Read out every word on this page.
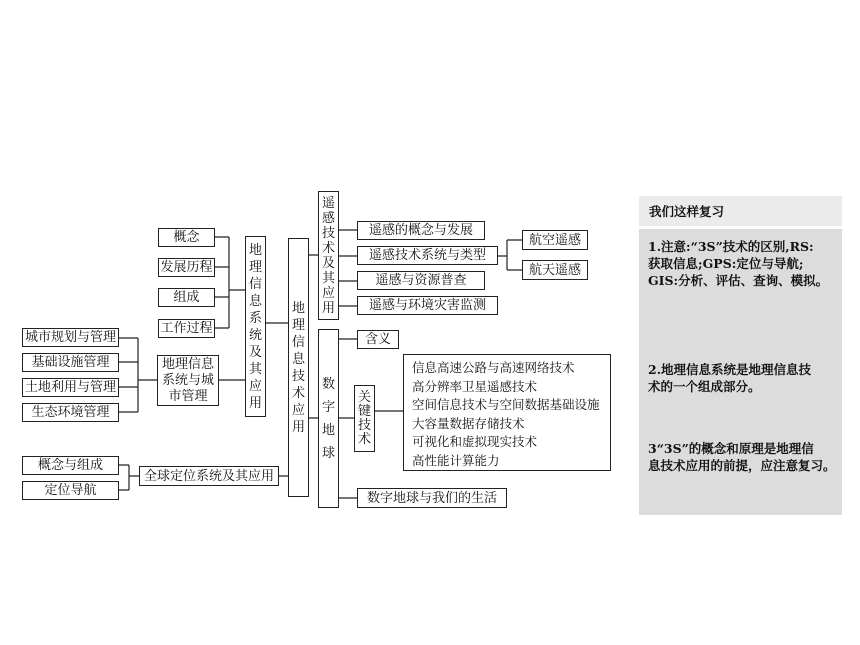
地
理
信
息
技
术
应
用
地
理
信
息
系
统
及
其
应
用
概念
发展历程
组成
工作过程
地理信息
系统与城
市管理
城市规划与管理
基础设施管理
土地利用与管理
生态环境管理
遥
感
技
术
及
其
应
用
遥感的概念与发展
遥感技术系统与类型
遥感与资源普查
遥感与环境灾害监测
航空遥感
航天遥感
数
字
地
球
含义
关
键
技
术
信息高速公路与高速网络技术
高分辨率卫星遥感技术
空间信息技术与空间数据基础设施
大容量数据存储技术
可视化和虚拟现实技术
高性能计算能力
数字地球与我们的生活
全球定位系统及其应用
概念与组成
定位导航
我们这样复习
1.注意:“3S”技术的区别,RS:
获取信息;GPS:定位与导航;
GIS:分析、评估、查询、模拟。
2.地理信息系统是地理信息技
术的一个组成部分。
3“3S”的概念和原理是地理信
息技术应用的前提，应注意复习。
